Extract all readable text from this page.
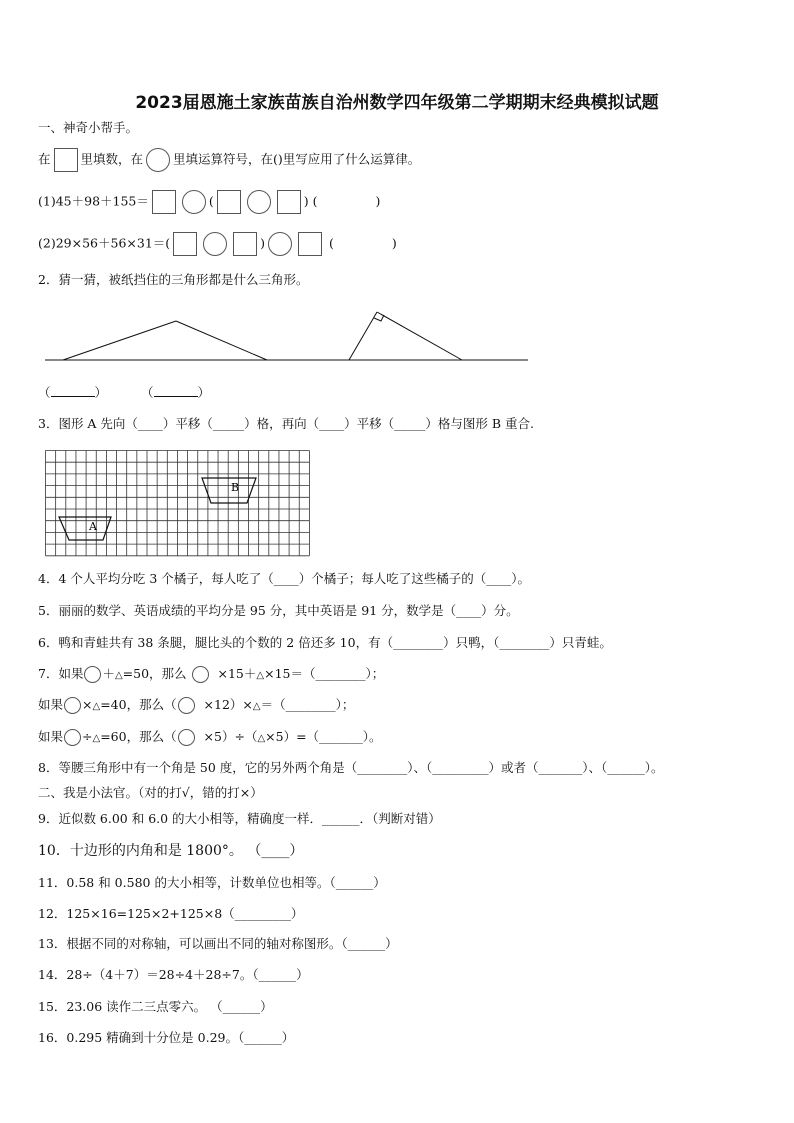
2023届恩施土家族苗族自治州数学四年级第二学期期末经典模拟试题
一、神奇小帮手。
在 里填数，在 里填运算符号，在()里写应用了什么运算律。
(1)45＋98＋155＝	(	) (	)
(2)29×56＋56×31＝(	)	(	)
2．猜一猜，被纸挡住的三角形都是什么三角形。
（	）	（	）
3．图形 A 先向（____）平移（_____）格，再向（____）平移（_____）格与图形 B 重合.
A
B
4．4 个人平均分吃 3 个橘子，每人吃了（____）个橘子；每人吃了这些橘子的（____）。
5．丽丽的数学、英语成绩的平均分是 95 分，其中英语是 91 分，数学是（____）分。
6．鸭和青蛙共有 38 条腿，腿比头的个数的 2 倍还多 10，有（________）只鸭，（________）只青蛙。
7．如果 ＋△=50，那么 ×15＋△×15＝（________）；
如果 ×△=40，那么（ ×12）×△＝（________）；
如果 ÷△=60，那么（ ×5）÷（△×5）=（_______）。
8．等腰三角形中有一个角是 50 度，它的另外两个角是（________）、（_________）或者（_______）、（______）。
二、我是小法官。（对的打√，错的打×）
9．近似数 6.00 和 6.0 的大小相等，精确度一样．______．（判断对错）
10．十边形的内角和是 1800°。 （____）
11．0.58 和 0.580 的大小相等，计数单位也相等。（______）
12．125×16=125×2+125×8（_________）
13．根据不同的对称轴，可以画出不同的轴对称图形。（______）
14．28÷（4＋7）＝28÷4＋28÷7。（______）
15．23.06 读作二三点零六。 （______）
16．0.295 精确到十分位是 0.29。（______）
